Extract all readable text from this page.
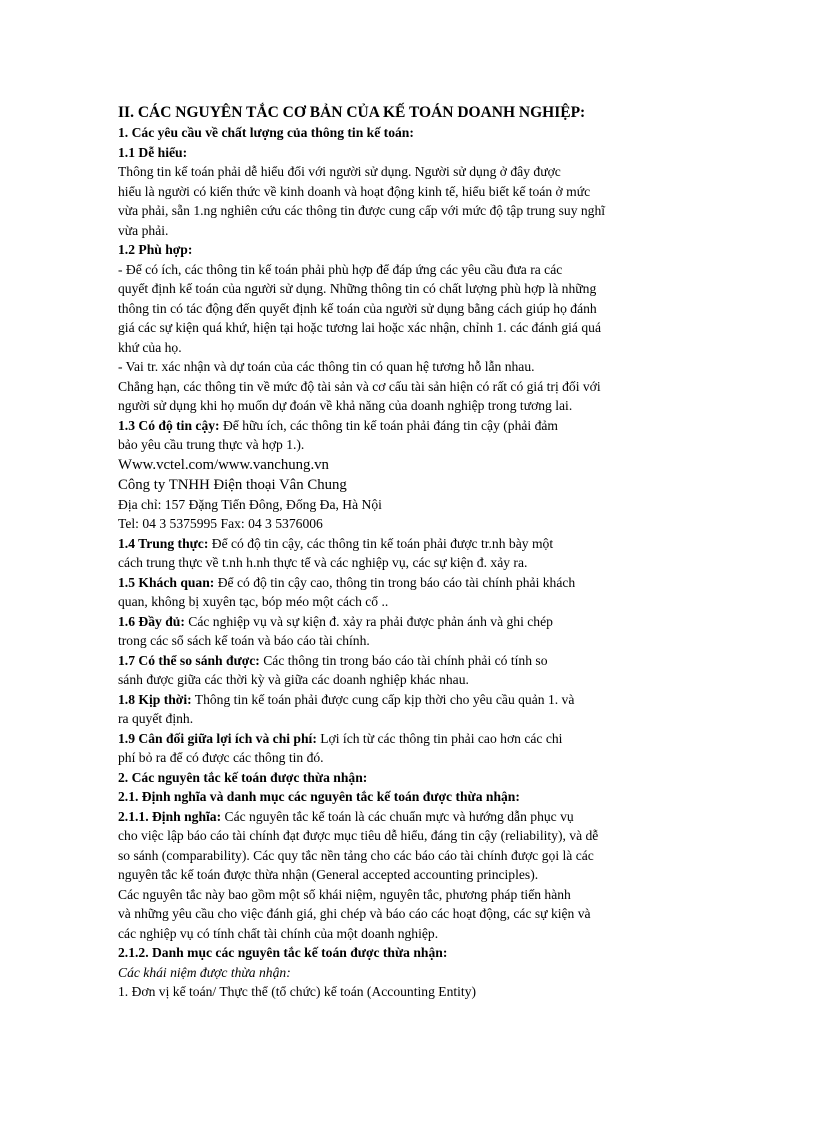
II. CÁC NGUYÊN TẮC CƠ BẢN CỦA KẾ TOÁN DOANH NGHIỆP:
1. Các yêu cầu về chất lượng của thông tin kế toán:
1.1 Dễ hiểu:
Thông tin kế toán phải dễ hiểu đối với người sử dụng. Người sử dụng ở đây được
hiểu là người có kiến thức về kinh doanh và hoạt động kinh tế, hiểu biết kế toán ở mức
vừa phải, sẵn 1.ng nghiên cứu các thông tin được cung cấp với mức độ tập trung suy nghĩ
vừa phải.
1.2 Phù hợp:
- Để có ích, các thông tin kế toán phải phù hợp để đáp ứng các yêu cầu đưa ra các
quyết định kế toán của người sử dụng. Những thông tin có chất lượng phù hợp là những
thông tin có tác động đến quyết định kế toán của người sử dụng bằng cách giúp họ đánh
giá các sự kiện quá khứ, hiện tại hoặc tương lai hoặc xác nhận, chỉnh 1. các đánh giá quá
khứ của họ.
- Vai tr. xác nhận và dự toán của các thông tin có quan hệ tương hỗ lẫn nhau.
Chẳng hạn, các thông tin về mức độ tài sản và cơ cấu tài sản hiện có rất có giá trị đối với
người sử dụng khi họ muốn dự đoán về khả năng của doanh nghiệp trong tương lai.
1.3 Có độ tin cậy: Để hữu ích, các thông tin kế toán phải đáng tin cậy (phải đảm
bảo yêu cầu trung thực và hợp 1.).
Www.vctel.com/www.vanchung.vn
Công ty TNHH Điện thoại Vân Chung
Địa chỉ: 157 Đặng Tiến Đông, Đống Đa, Hà Nội
Tel: 04 3 5375995 Fax: 04 3 5376006
1.4 Trung thực: Để có độ tin cậy, các thông tin kế toán phải được tr.nh bày một
cách trung thực về t.nh h.nh thực tế và các nghiệp vụ, các sự kiện đ. xảy ra.
1.5 Khách quan: Để có độ tin cậy cao, thông tin trong báo cáo tài chính phải khách
quan, không bị xuyên tạc, bóp méo một cách cố ..
1.6 Đầy đủ: Các nghiệp vụ và sự kiện đ. xảy ra phải được phản ánh và ghi chép
trong các sổ sách kế toán và báo cáo tài chính.
1.7 Có thể so sánh được: Các thông tin trong báo cáo tài chính phải có tính so
sánh được giữa các thời kỳ và giữa các doanh nghiệp khác nhau.
1.8 Kịp thời: Thông tin kế toán phải được cung cấp kịp thời cho yêu cầu quản 1. và
ra quyết định.
1.9 Cân đối giữa lợi ích và chi phí: Lợi ích từ các thông tin phải cao hơn các chi
phí bỏ ra để có được các thông tin đó.
2. Các nguyên tắc kế toán được thừa nhận:
2.1. Định nghĩa và danh mục các nguyên tắc kế toán được thừa nhận:
2.1.1. Định nghĩa: Các nguyên tắc kế toán là các chuẩn mực và hướng dẫn phục vụ
cho việc lập báo cáo tài chính đạt được mục tiêu dễ hiểu, đáng tin cậy (reliability), và dễ
so sánh (comparability). Các quy tắc nền tảng cho các báo cáo tài chính được gọi là các
nguyên tắc kế toán được thừa nhận (General accepted accounting principles).
Các nguyên tắc này bao gồm một số khái niệm, nguyên tắc, phương pháp tiến hành
và những yêu cầu cho việc đánh giá, ghi chép và báo cáo các hoạt động, các sự kiện và
các nghiệp vụ có tính chất tài chính của một doanh nghiệp.
2.1.2. Danh mục các nguyên tắc kế toán được thừa nhận:
Các khái niệm được thừa nhận:
1. Đơn vị kế toán/ Thực thể (tổ chức) kế toán (Accounting Entity)
